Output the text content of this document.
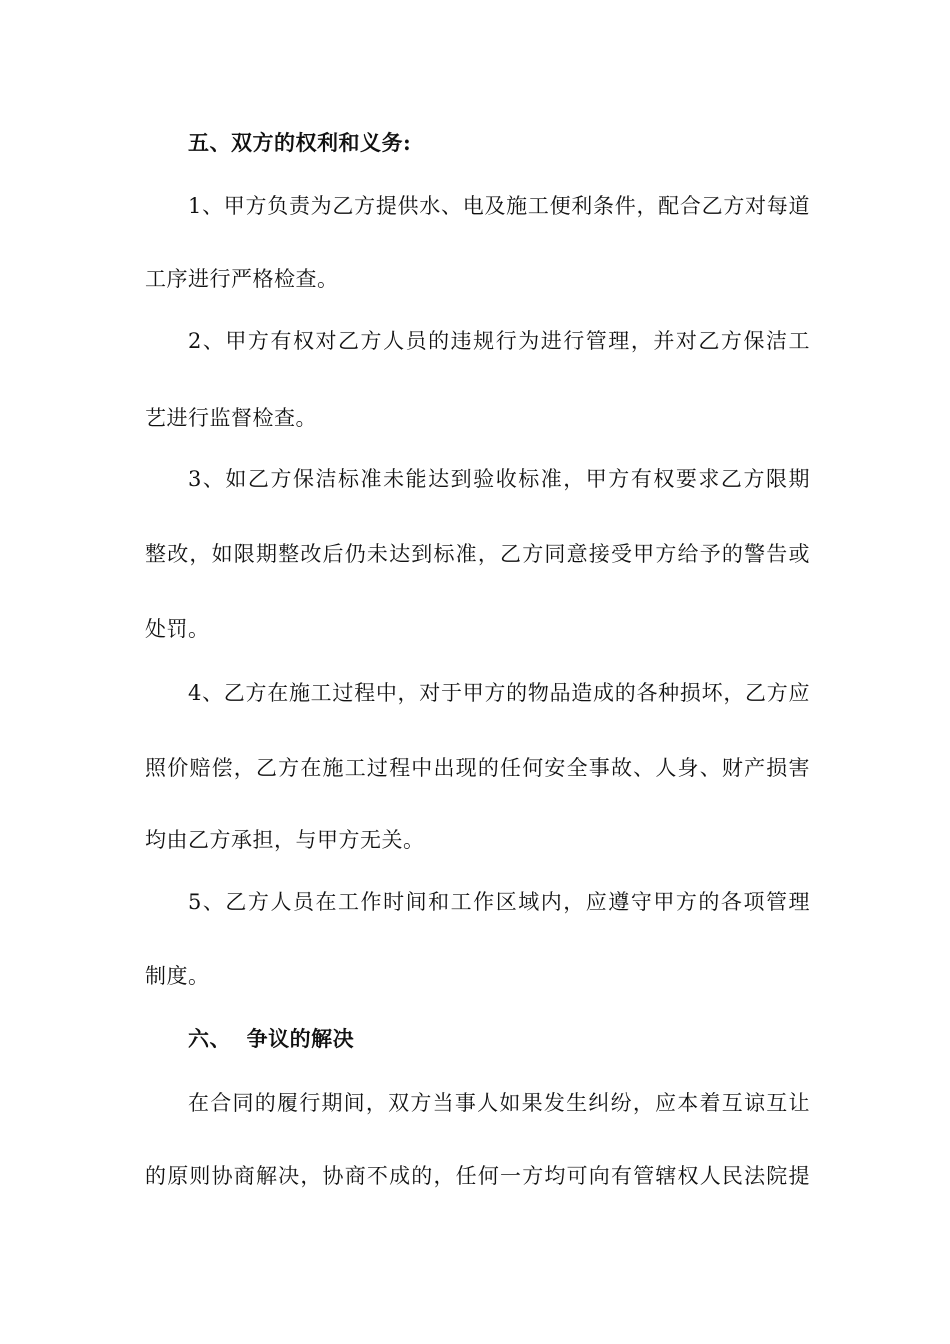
五、双方的权利和义务:
1、甲方负责为乙方提供水、电及施工便利条件，配合乙方对每道
工序进行严格检查。
2、甲方有权对乙方人员的违规行为进行管理，并对乙方保洁工
艺进行监督检查。
3、如乙方保洁标准未能达到验收标准，甲方有权要求乙方限期
整改，如限期整改后仍未达到标准，乙方同意接受甲方给予的警告或
处罚。
4、乙方在施工过程中，对于甲方的物品造成的各种损坏，乙方应
照价赔偿，乙方在施工过程中出现的任何安全事故、人身、财产损害
均由乙方承担，与甲方无关。
5、乙方人员在工作时间和工作区域内，应遵守甲方的各项管理
制度。
六、  争议的解决
在合同的履行期间，双方当事人如果发生纠纷，应本着互谅互让
的原则协商解决，协商不成的，任何一方均可向有管辖权人民法院提
